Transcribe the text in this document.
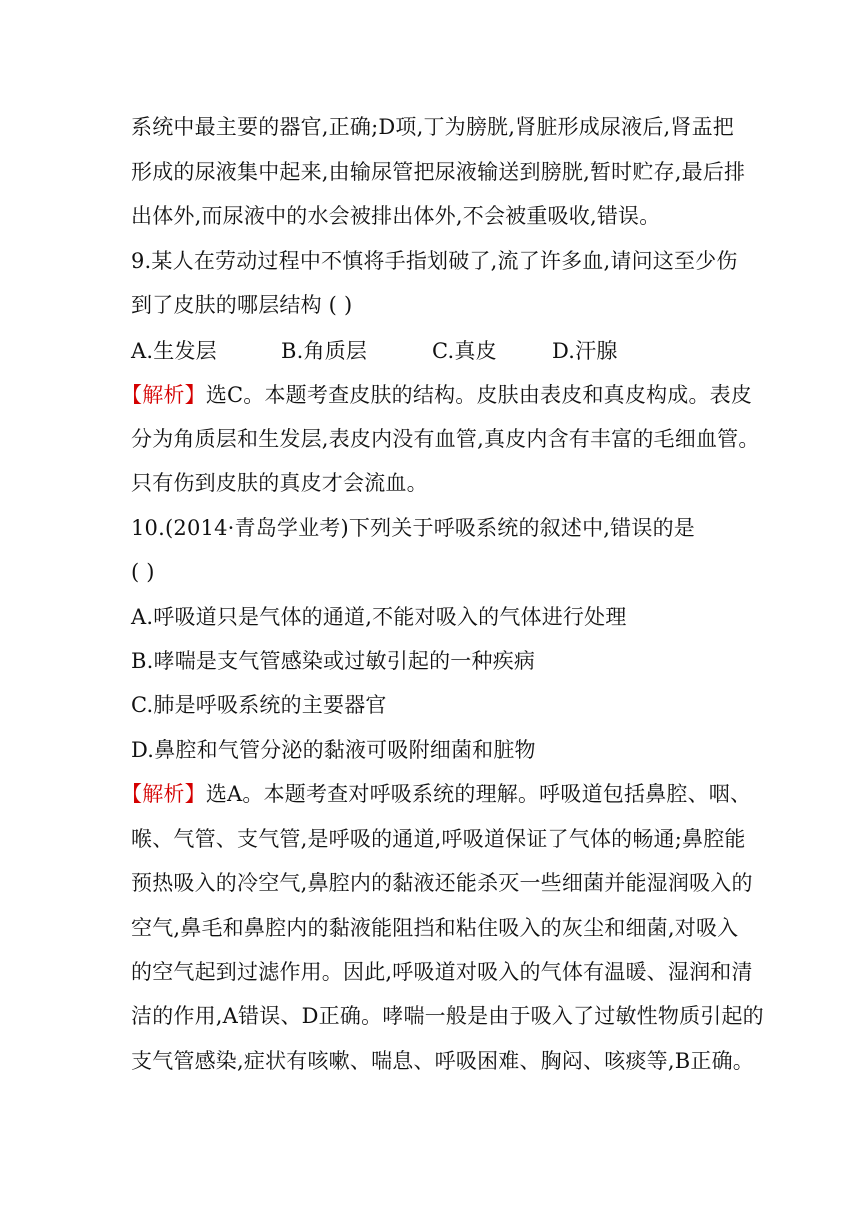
系统中最主要的器官,正确;D项,丁为膀胱,肾脏形成尿液后,肾盂把
形成的尿液集中起来,由输尿管把尿液输送到膀胱,暂时贮存,最后排
出体外,而尿液中的水会被排出体外,不会被重吸收,错误。
9.某人在劳动过程中不慎将手指划破了,流了许多血,请问这至少伤
到了皮肤的哪层结构 ( )
A.生发层	B.角质层	C.真皮	D.汗腺
【解析】选C。本题考查皮肤的结构。皮肤由表皮和真皮构成。表皮
分为角质层和生发层,表皮内没有血管,真皮内含有丰富的毛细血管。
只有伤到皮肤的真皮才会流血。
10.(2014·青岛学业考)下列关于呼吸系统的叙述中,错误的是
( )
A.呼吸道只是气体的通道,不能对吸入的气体进行处理
B.哮喘是支气管感染或过敏引起的一种疾病
C.肺是呼吸系统的主要器官
D.鼻腔和气管分泌的黏液可吸附细菌和脏物
【解析】选A。本题考查对呼吸系统的理解。呼吸道包括鼻腔、咽、
喉、气管、支气管,是呼吸的通道,呼吸道保证了气体的畅通;鼻腔能
预热吸入的冷空气,鼻腔内的黏液还能杀灭一些细菌并能湿润吸入的
空气,鼻毛和鼻腔内的黏液能阻挡和粘住吸入的灰尘和细菌,对吸入
的空气起到过滤作用。因此,呼吸道对吸入的气体有温暖、湿润和清
洁的作用,A错误、D正确。哮喘一般是由于吸入了过敏性物质引起的
支气管感染,症状有咳嗽、喘息、呼吸困难、胸闷、咳痰等,B正确。
